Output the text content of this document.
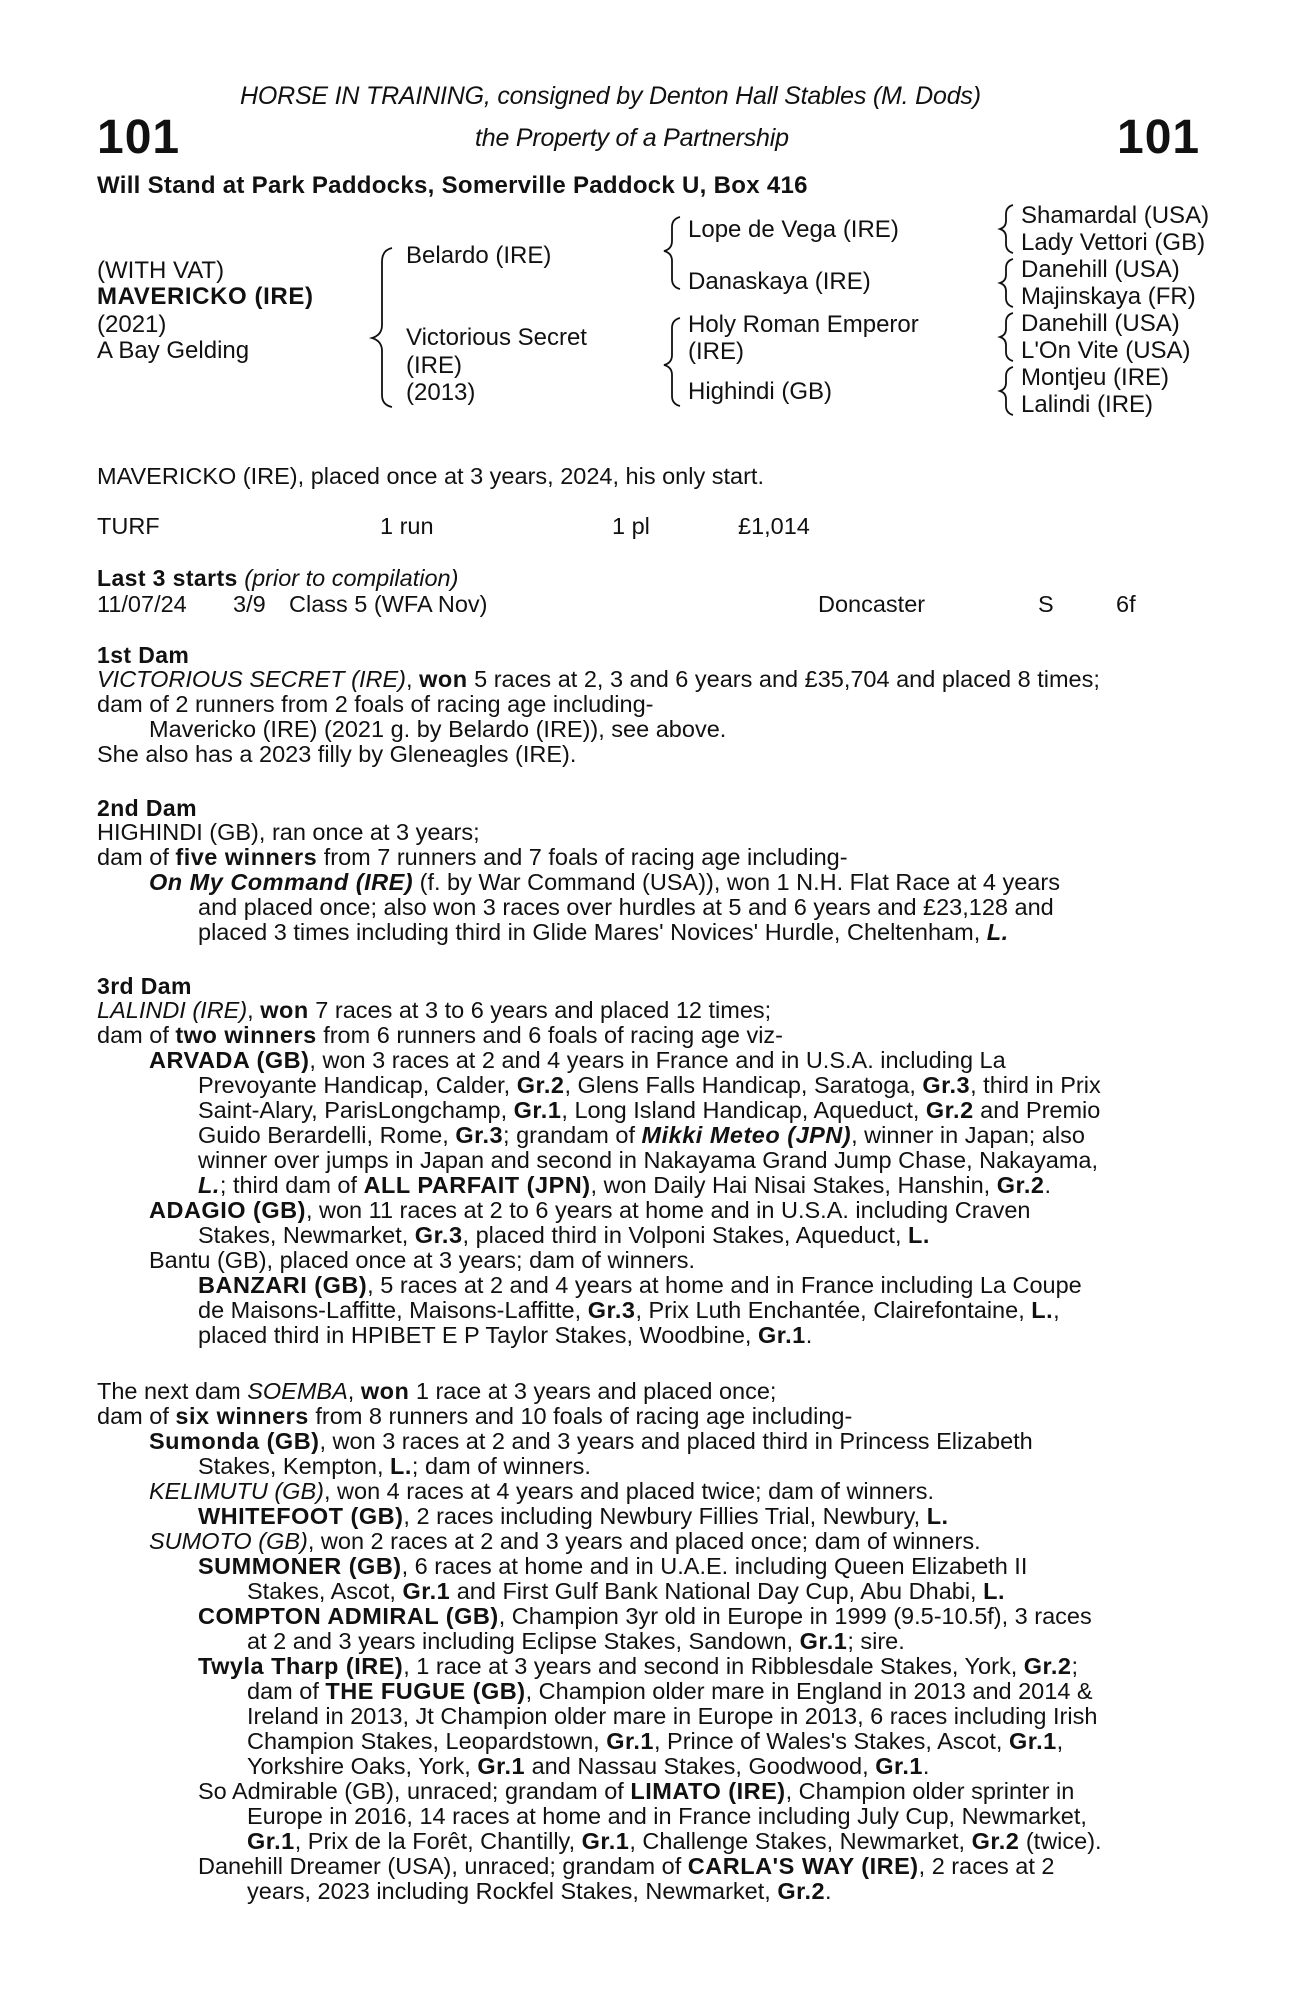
HORSE IN TRAINING, consigned by Denton Hall Stables (M. Dods)
101	the Property of a Partnership	101
Will Stand at Park Paddocks, Somerville Paddock U, Box 416
(WITH VAT)
MAVERICKO (IRE)
(2021)
A Bay Gelding
Belardo (IRE)
Victorious Secret
(IRE)
(2013)
Lope de Vega (IRE)
Danaskaya (IRE)
Holy Roman Emperor
(IRE)
Highindi (GB)
Shamardal (USA)
Lady Vettori (GB)
Danehill (USA)
Majinskaya (FR)
Danehill (USA)
L'On Vite (USA)
Montjeu (IRE)
Lalindi (IRE)
MAVERICKO (IRE), placed once at 3 years, 2024, his only start.
TURF	1 run	1 pl	£1,014
Last 3 starts (prior to compilation)
11/07/24 3/9 Class 5 (WFA Nov)	Doncaster	S	6f
1st Dam
VICTORIOUS SECRET (IRE), won 5 races at 2, 3 and 6 years and £35,704 and placed 8 times;
dam of 2 runners from 2 foals of racing age including-
Mavericko (IRE) (2021 g. by Belardo (IRE)), see above.
She also has a 2023 filly by Gleneagles (IRE).
2nd Dam
HIGHINDI (GB), ran once at 3 years;
dam of five winners from 7 runners and 7 foals of racing age including-
On My Command (IRE) (f. by War Command (USA)), won 1 N.H. Flat Race at 4 years
and placed once; also won 3 races over hurdles at 5 and 6 years and £23,128 and
placed 3 times including third in Glide Mares' Novices' Hurdle, Cheltenham, L.
3rd Dam
LALINDI (IRE), won 7 races at 3 to 6 years and placed 12 times;
dam of two winners from 6 runners and 6 foals of racing age viz-
ARVADA (GB), won 3 races at 2 and 4 years in France and in U.S.A. including La
Prevoyante Handicap, Calder, Gr.2, Glens Falls Handicap, Saratoga, Gr.3, third in Prix
Saint-Alary, ParisLongchamp, Gr.1, Long Island Handicap, Aqueduct, Gr.2 and Premio
Guido Berardelli, Rome, Gr.3; grandam of Mikki Meteo (JPN), winner in Japan; also
winner over jumps in Japan and second in Nakayama Grand Jump Chase, Nakayama,
L.; third dam of ALL PARFAIT (JPN), won Daily Hai Nisai Stakes, Hanshin, Gr.2.
ADAGIO (GB), won 11 races at 2 to 6 years at home and in U.S.A. including Craven
Stakes, Newmarket, Gr.3, placed third in Volponi Stakes, Aqueduct, L.
Bantu (GB), placed once at 3 years; dam of winners.
BANZARI (GB), 5 races at 2 and 4 years at home and in France including La Coupe
de Maisons-Laffitte, Maisons-Laffitte, Gr.3, Prix Luth Enchantée, Clairefontaine, L.,
placed third in HPIBET E P Taylor Stakes, Woodbine, Gr.1.
The next dam SOEMBA, won 1 race at 3 years and placed once;
dam of six winners from 8 runners and 10 foals of racing age including-
Sumonda (GB), won 3 races at 2 and 3 years and placed third in Princess Elizabeth
Stakes, Kempton, L.; dam of winners.
KELIMUTU (GB), won 4 races at 4 years and placed twice; dam of winners.
WHITEFOOT (GB), 2 races including Newbury Fillies Trial, Newbury, L.
SUMOTO (GB), won 2 races at 2 and 3 years and placed once; dam of winners.
SUMMONER (GB), 6 races at home and in U.A.E. including Queen Elizabeth II
Stakes, Ascot, Gr.1 and First Gulf Bank National Day Cup, Abu Dhabi, L.
COMPTON ADMIRAL (GB), Champion 3yr old in Europe in 1999 (9.5-10.5f), 3 races
at 2 and 3 years including Eclipse Stakes, Sandown, Gr.1; sire.
Twyla Tharp (IRE), 1 race at 3 years and second in Ribblesdale Stakes, York, Gr.2;
dam of THE FUGUE (GB), Champion older mare in England in 2013 and 2014 &
Ireland in 2013, Jt Champion older mare in Europe in 2013, 6 races including Irish
Champion Stakes, Leopardstown, Gr.1, Prince of Wales's Stakes, Ascot, Gr.1,
Yorkshire Oaks, York, Gr.1 and Nassau Stakes, Goodwood, Gr.1.
So Admirable (GB), unraced; grandam of LIMATO (IRE), Champion older sprinter in
Europe in 2016, 14 races at home and in France including July Cup, Newmarket,
Gr.1, Prix de la Forêt, Chantilly, Gr.1, Challenge Stakes, Newmarket, Gr.2 (twice).
Danehill Dreamer (USA), unraced; grandam of CARLA'S WAY (IRE), 2 races at 2
years, 2023 including Rockfel Stakes, Newmarket, Gr.2.
